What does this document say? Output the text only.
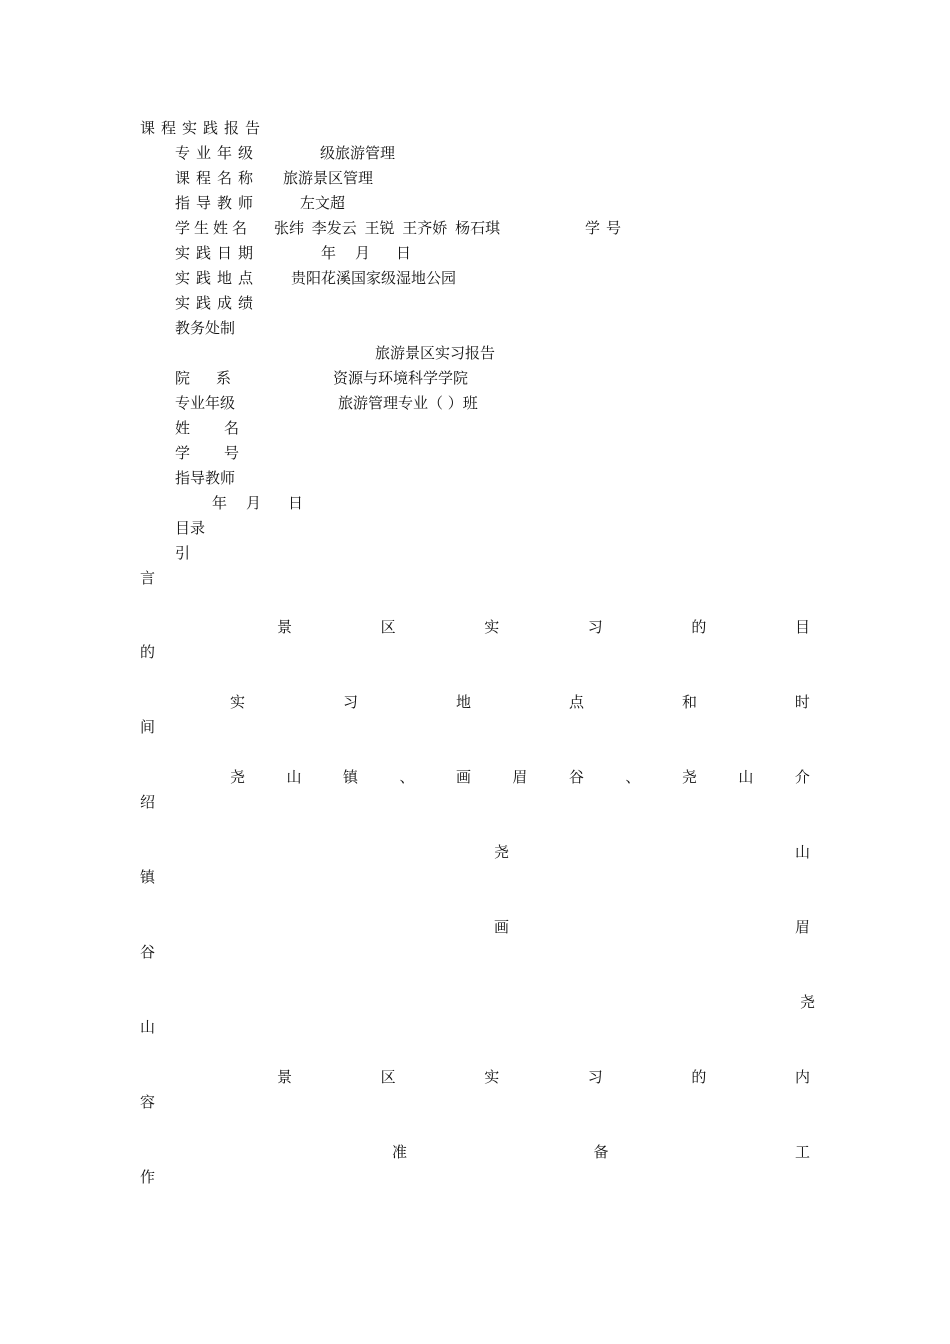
课程实践报告
专业年级	级旅游管理
课程名称 旅游景区管理
指导教师	左文超
学生姓名 张纬 李发云 王锐 王齐娇 杨石琪	学号
实践日期	年 月 日
实践地点 贵阳花溪国家级湿地公园
实践成绩
教务处制
旅游景区实习报告
院系	资源与环境科学学院
专业年级	旅游管理专业（ ）班
姓名
学号
指导教师
年 月 日
目录
引
言
景	区	实	习	的	目
的
实	习	地	点	和	时
间
尧	山	镇	、	画	眉	谷	、	尧	山	介
绍
尧	山
镇
画	眉
谷
尧
山
景	区	实	习	的	内
容
准	备	工
作
